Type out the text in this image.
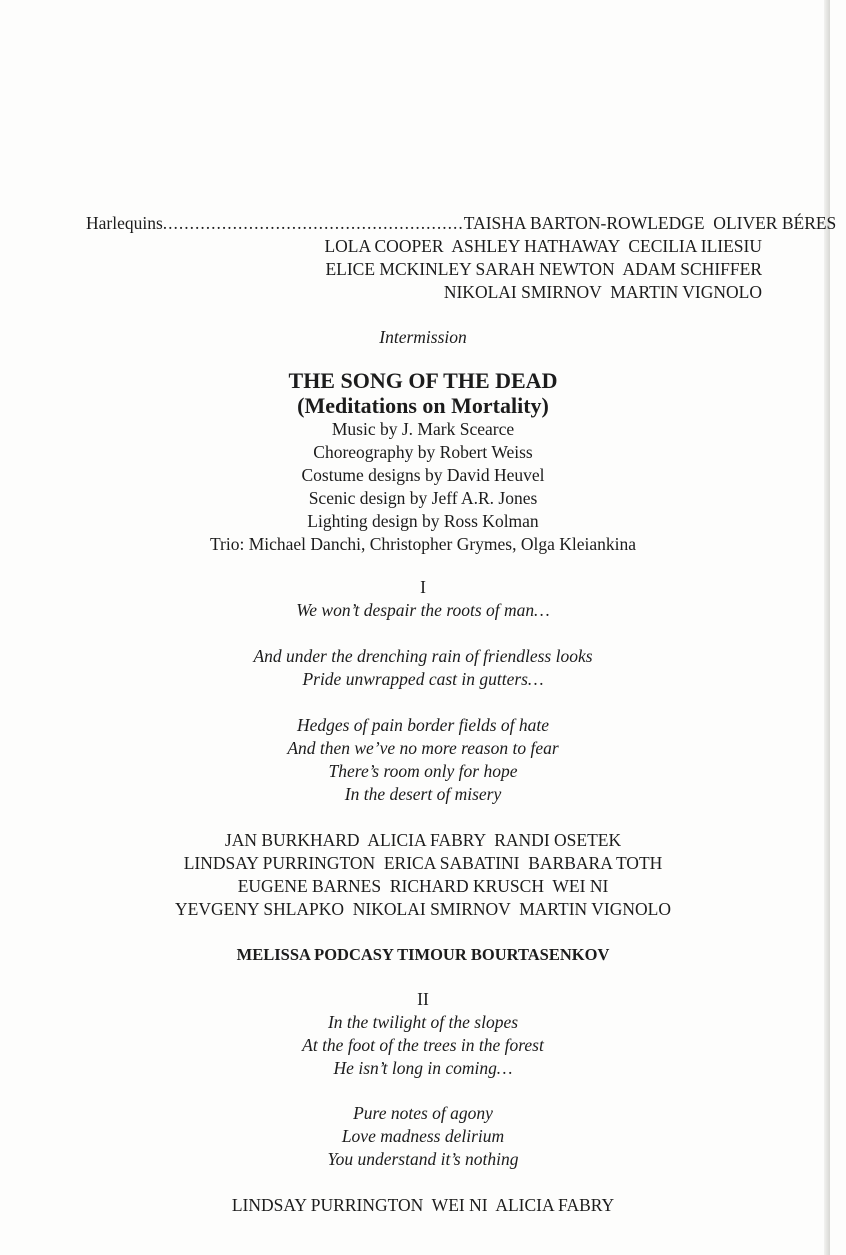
Harlequins ........................................................ TAISHA BARTON-ROWLEDGE  OLIVER BÉRES
LOLA COOPER  ASHLEY HATHAWAY  CECILIA ILIESIU
ELICE MCKINLEY SARAH NEWTON  ADAM SCHIFFER
NIKOLAI SMIRNOV  MARTIN VIGNOLO
Intermission
THE SONG OF THE DEAD
(Meditations on Mortality)
Music by J. Mark Scearce
Choreography by Robert Weiss
Costume designs by David Heuvel
Scenic design by Jeff A.R. Jones
Lighting design by Ross Kolman
Trio: Michael Danchi, Christopher Grymes, Olga Kleiankina
I
We won’t despair the roots of man…
And under the drenching rain of friendless looks
Pride unwrapped cast in gutters…
Hedges of pain border fields of hate
And then we’ve no more reason to fear
There’s room only for hope
In the desert of misery
JAN BURKHARD  ALICIA FABRY  RANDI OSETEK
LINDSAY PURRINGTON  ERICA SABATINI  BARBARA TOTH
EUGENE BARNES  RICHARD KRUSCH  WEI NI
YEVGENY SHLAPKO  NIKOLAI SMIRNOV  MARTIN VIGNOLO
MELISSA PODCASY TIMOUR BOURTASENKOV
II
In the twilight of the slopes
At the foot of the trees in the forest
He isn’t long in coming…
Pure notes of agony
Love madness delirium
You understand it’s nothing
LINDSAY PURRINGTON  WEI NI  ALICIA FABRY
